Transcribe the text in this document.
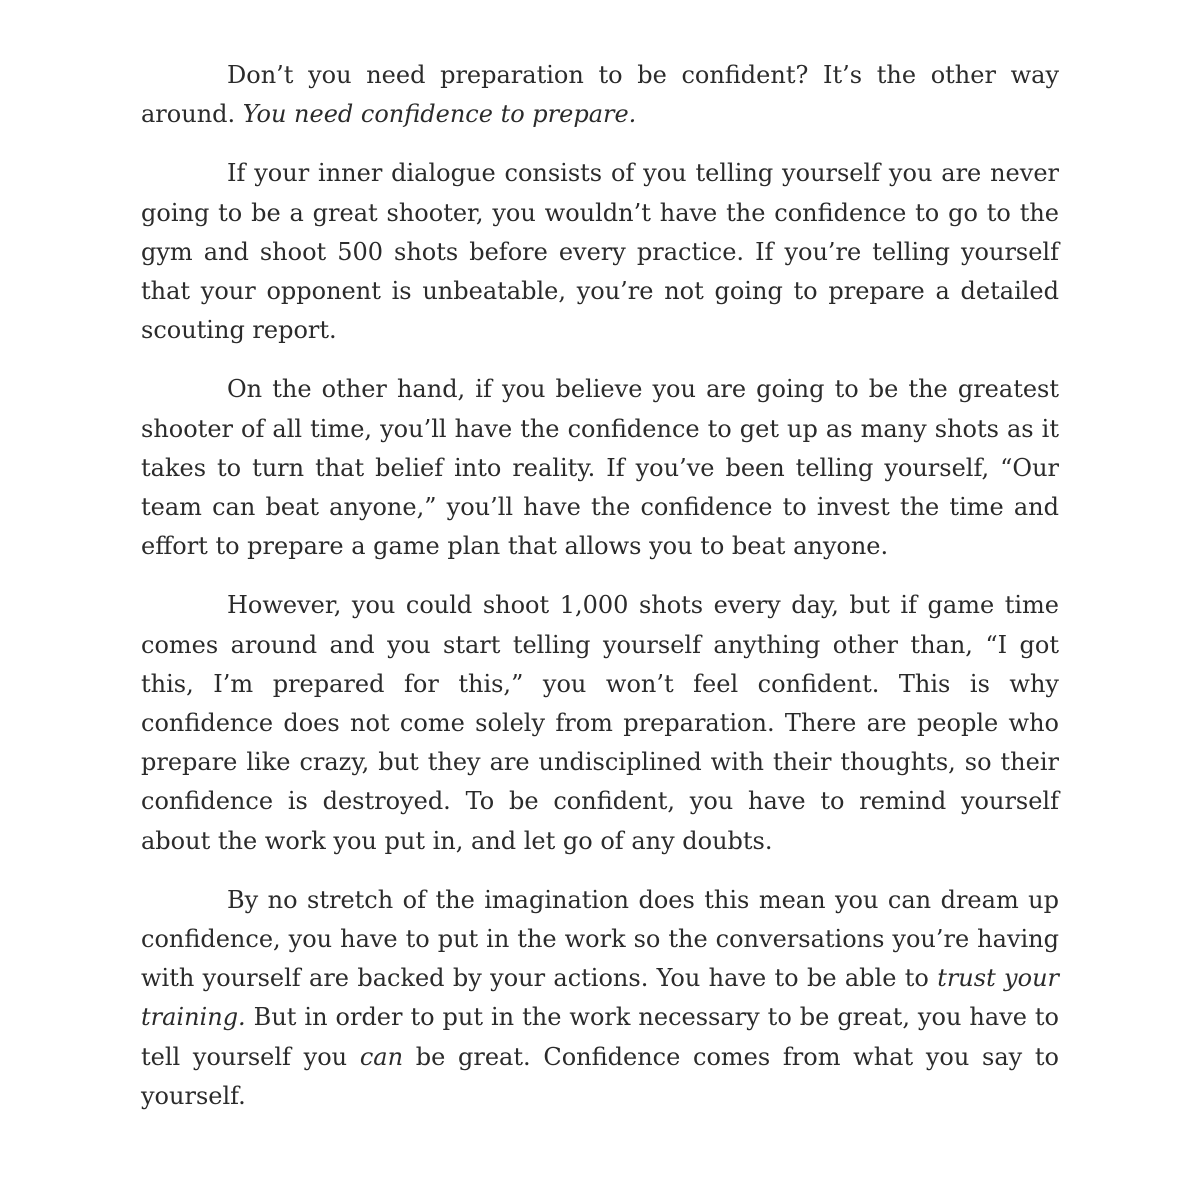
Don’t you need preparation to be confident? It’s the other way around. You need confidence to prepare.

If your inner dialogue consists of you telling yourself you are never going to be a great shooter, you wouldn’t have the confidence to go to the gym and shoot 500 shots before every practice. If you’re telling yourself that your opponent is unbeatable, you’re not going to prepare a detailed scouting report.

On the other hand, if you believe you are going to be the greatest shooter of all time, you’ll have the confidence to get up as many shots as it takes to turn that belief into reality. If you’ve been telling yourself, “Our team can beat anyone,” you’ll have the confidence to invest the time and effort to prepare a game plan that allows you to beat anyone.

However, you could shoot 1,000 shots every day, but if game time comes around and you start telling yourself anything other than, “I got this, I’m prepared for this,” you won’t feel confident. This is why confidence does not come solely from preparation. There are people who prepare like crazy, but they are undisciplined with their thoughts, so their confidence is destroyed. To be confident, you have to remind yourself about the work you put in, and let go of any doubts.

By no stretch of the imagination does this mean you can dream up confidence, you have to put in the work so the conversations you’re having with yourself are backed by your actions. You have to be able to trust your training. But in order to put in the work necessary to be great, you have to tell yourself you can be great. Confidence comes from what you say to yourself.
